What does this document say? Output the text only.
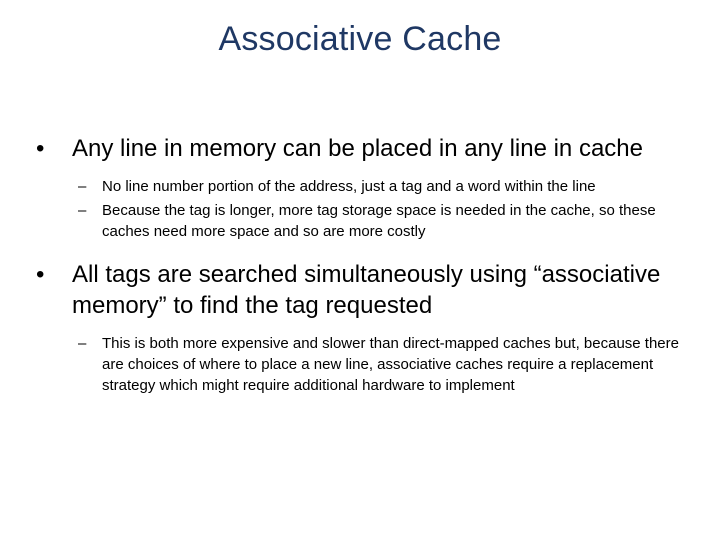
Associative Cache
•	Any line in memory can be placed in any line in cache
– No line number portion of the address, just a tag and a word within the line
– Because the tag is longer, more tag storage space is needed in the cache, so these caches need more space and so are more costly
•	All tags are searched simultaneously using “associative memory” to find the tag requested
– This is both more expensive and slower than direct-mapped caches but, because there are choices of where to place a new line, associative caches require a replacement strategy which might require additional hardware to implement
